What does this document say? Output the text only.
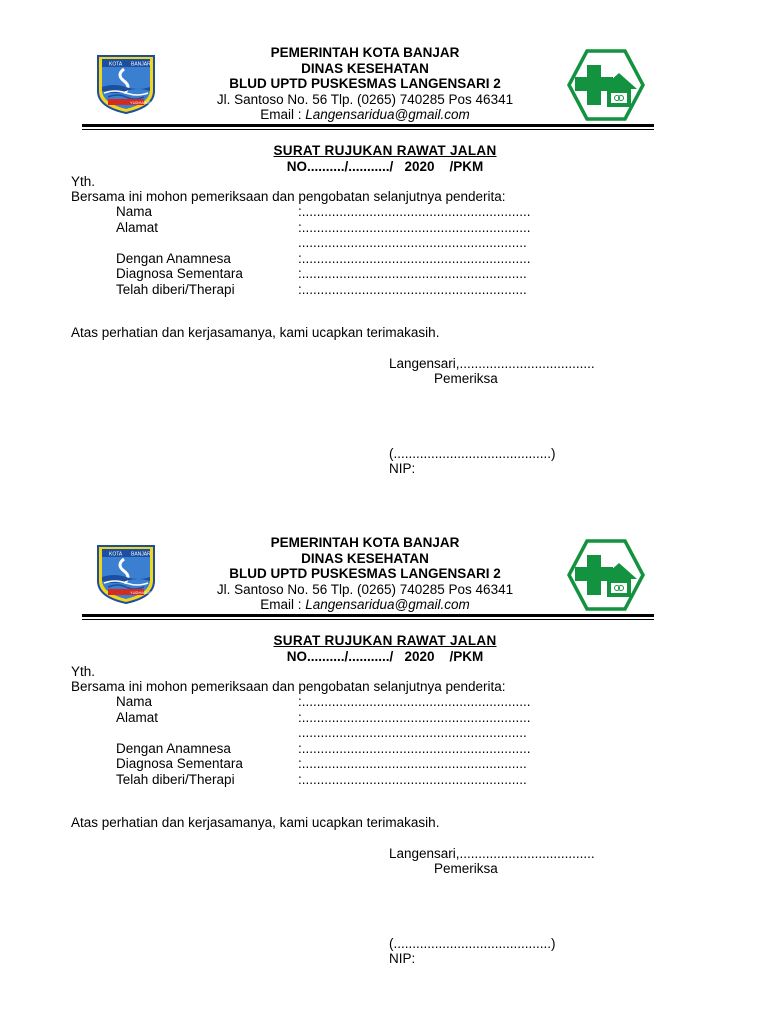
KOTA BANJAR
YUDHA ASIH
PEMERINTAH KOTA BANJAR
DINAS KESEHATAN
BLUD UPTD PUSKESMAS LANGENSARI 2
Jl. Santoso No. 56 Tlp. (0265) 740285 Pos 46341
Email : Langensaridua@gmail.com
SURAT RUJUKAN RAWAT JALAN
NO........../.........../   2020    /PKM
Yth.
Bersama ini mohon pemeriksaan dan pengobatan selanjutnya penderita:
Nama	:.............................................................
Alamat	:.............................................................
.............................................................
Dengan Anamnesa	:.............................................................
Diagnosa Sementara	:............................................................
Telah diberi/Therapi	:............................................................
Atas perhatian dan kerjasamanya, kami ucapkan terimakasih.
Langensari,....................................
Pemeriksa
(..........................................)
NIP:
KOTA BANJAR
YUDHA ASIH
PEMERINTAH KOTA BANJAR
DINAS KESEHATAN
BLUD UPTD PUSKESMAS LANGENSARI 2
Jl. Santoso No. 56 Tlp. (0265) 740285 Pos 46341
Email : Langensaridua@gmail.com
SURAT RUJUKAN RAWAT JALAN
NO........../.........../   2020    /PKM
Yth.
Bersama ini mohon pemeriksaan dan pengobatan selanjutnya penderita:
Nama	:.............................................................
Alamat	:.............................................................
.............................................................
Dengan Anamnesa	:.............................................................
Diagnosa Sementara	:............................................................
Telah diberi/Therapi	:............................................................
Atas perhatian dan kerjasamanya, kami ucapkan terimakasih.
Langensari,....................................
Pemeriksa
(..........................................)
NIP:
